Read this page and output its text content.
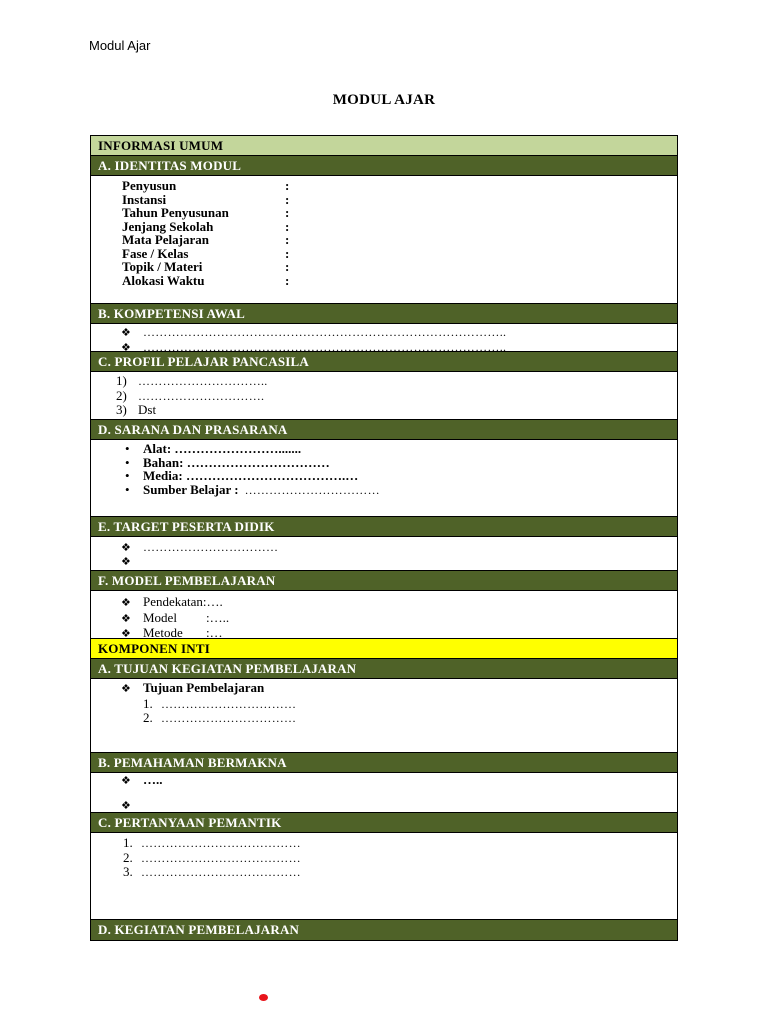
Modul Ajar
MODUL AJAR
INFORMASI UMUM
A. IDENTITAS MODUL
Penyusun	:
Instansi	:
Tahun Penyusunan	:
Jenjang Sekolah	:
Mata Pelajaran	:
Fase / Kelas	:
Topik / Materi	:
Alokasi Waktu	:
B. KOMPETENSI AWAL
❖	……………………………………………………………………………..
❖	……………………………………………………………………………..
C. PROFIL PELAJAR PANCASILA
1) …………………………..
2) ………………………….
3) Dst
D. SARANA DAN PRASARANA
•	Alat: …………………….......
•	Bahan: ……………………………
•	Media: ……………………………….…
•	Sumber Belajar : ……………………………
E. TARGET PESERTA DIDIK
❖	……………………………
❖
F. MODEL PEMBELAJARAN
❖ Pendekatan :….
❖ Model	:…..
❖ Metode	:…
KOMPONEN INTI
A. TUJUAN KEGIATAN PEMBELAJARAN
❖ Tujuan Pembelajaran
1. ……………………………
2. ……………………………
B. PEMAHAMAN BERMAKNA
❖ …..
❖
C. PERTANYAAN PEMANTIK
1. …………………………………
2. …………………………………
3. …………………………………
D. KEGIATAN PEMBELAJARAN
